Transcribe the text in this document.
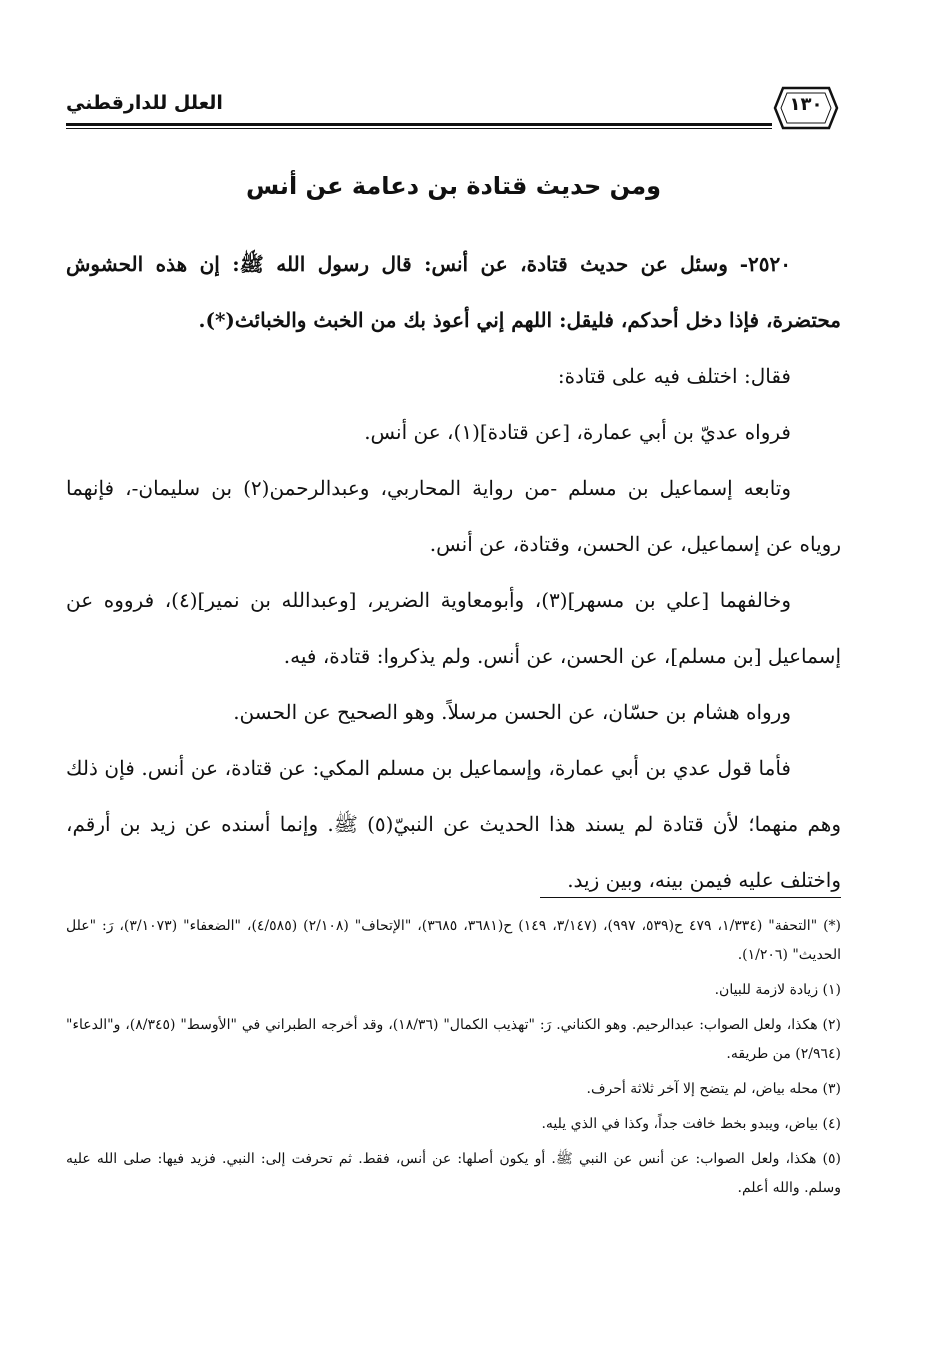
العلل للدارقطني	١٣٠
ومن حديث قتادة بن دعامة عن أنس

٢٥٢٠- وسئل عن حديث قتادة، عن أنس: قال رسول الله ﷺ: إن هذه الحشوش محتضرة، فإذا دخل أحدكم، فليقل: اللهم إني أعوذ بك من الخبث والخبائث(*).

فقال: اختلف فيه على قتادة:

فرواه عديّ بن أبي عمارة، [عن قتادة](١)، عن أنس.

وتابعه إسماعيل بن مسلم -من رواية المحاربي، وعبدالرحمن(٢) بن سليمان-، فإنهما روياه عن إسماعيل، عن الحسن، وقتادة، عن أنس.

وخالفهما [علي بن مسهر](٣)، وأبومعاوية الضرير، [وعبدالله بن نمير](٤)، فرووه عن إسماعيل [بن مسلم]، عن الحسن، عن أنس. ولم يذكروا: قتادة، فيه.

ورواه هشام بن حسّان، عن الحسن مرسلاً. وهو الصحيح عن الحسن.

فأما قول عدي بن أبي عمارة، وإسماعيل بن مسلم المكي: عن قتادة، عن أنس. فإن ذلك وهم منهما؛ لأن قتادة لم يسند هذا الحديث عن النبيّ(٥) ﷺ. وإنما أسنده عن زيد بن أرقم، واختلف عليه فيمن بينه، وبين زيد.

(*) "التحفة" (١/٣٣٤، ٤٧٩ ح(٥٣٩، ٩٩٧)، (٣/١٤٧، ١٤٩) ح(٣٦٨١، ٣٦٨٥)، "الإتحاف" (٢/١٠٨) (٤/٥٨٥)، "الضعفاء" (٣/١٠٧٣)، رَ: "علل الحديث" (١/٢٠٦).

(١) زيادة لازمة للبيان.

(٢) هكذا، ولعل الصواب: عبدالرحيم. وهو الكناني. رَ: "تهذيب الكمال" (١٨/٣٦)، وقد أخرجه الطبراني في "الأوسط" (٨/٣٤٥)، و"الدعاء" (٢/٩٦٤) من طريقه.

(٣) محله بياض، لم يتضح إلا آخر ثلاثة أحرف.

(٤) بياض، ويبدو بخط خافت جداً، وكذا في الذي يليه.

(٥) هكذا، ولعل الصواب: عن أنس عن النبي ﷺ. أو يكون أصلها: عن أنس، فقط. ثم تحرفت إلى: النبي. فزيد فيها: صلى الله عليه وسلم. والله أعلم.
